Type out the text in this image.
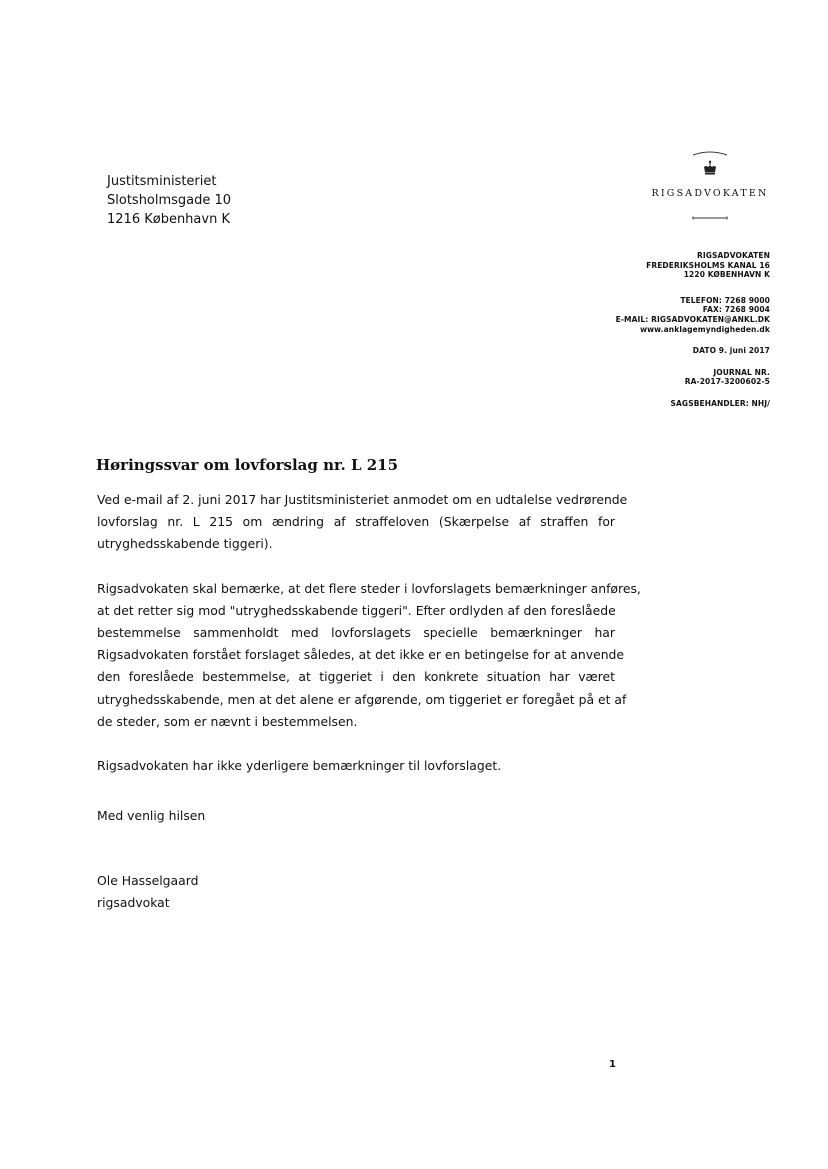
Justitsministeriet
Slotsholmsgade 10
1216 København K
RIGSADVOKATEN
RIGSADVOKATEN
FREDERIKSHOLMS KANAL 16
1220 KØBENHAVN K
TELEFON: 7268 9000
FAX: 7268 9004
E-MAIL: RIGSADVOKATEN@ANKL.DK
www.anklagemyndigheden.dk
DATO 9. juni 2017
JOURNAL NR.
RA-2017-3200602-5
SAGSBEHANDLER: NHJ/
Høringssvar om lovforslag nr. L 215

Ved e-mail af 2. juni 2017 har Justitsministeriet anmodet om en udtalelse vedrørende
lovforslag nr. L 215 om ændring af straffeloven (Skærpelse af straffen for
utryghedsskabende tiggeri).

Rigsadvokaten skal bemærke, at det flere steder i lovforslagets bemærkninger anføres,
at det retter sig mod "utryghedsskabende tiggeri". Efter ordlyden af den foreslåede
bestemmelse sammenholdt med lovforslagets specielle bemærkninger har
Rigsadvokaten forstået forslaget således, at det ikke er en betingelse for at anvende
den foreslåede bestemmelse, at tiggeriet i den konkrete situation har været
utryghedsskabende, men at det alene er afgørende, om tiggeriet er foregået på et af
de steder, som er nævnt i bestemmelsen.

Rigsadvokaten har ikke yderligere bemærkninger til lovforslaget.

Med venlig hilsen
Ole Hasselgaard
rigsadvokat
1
